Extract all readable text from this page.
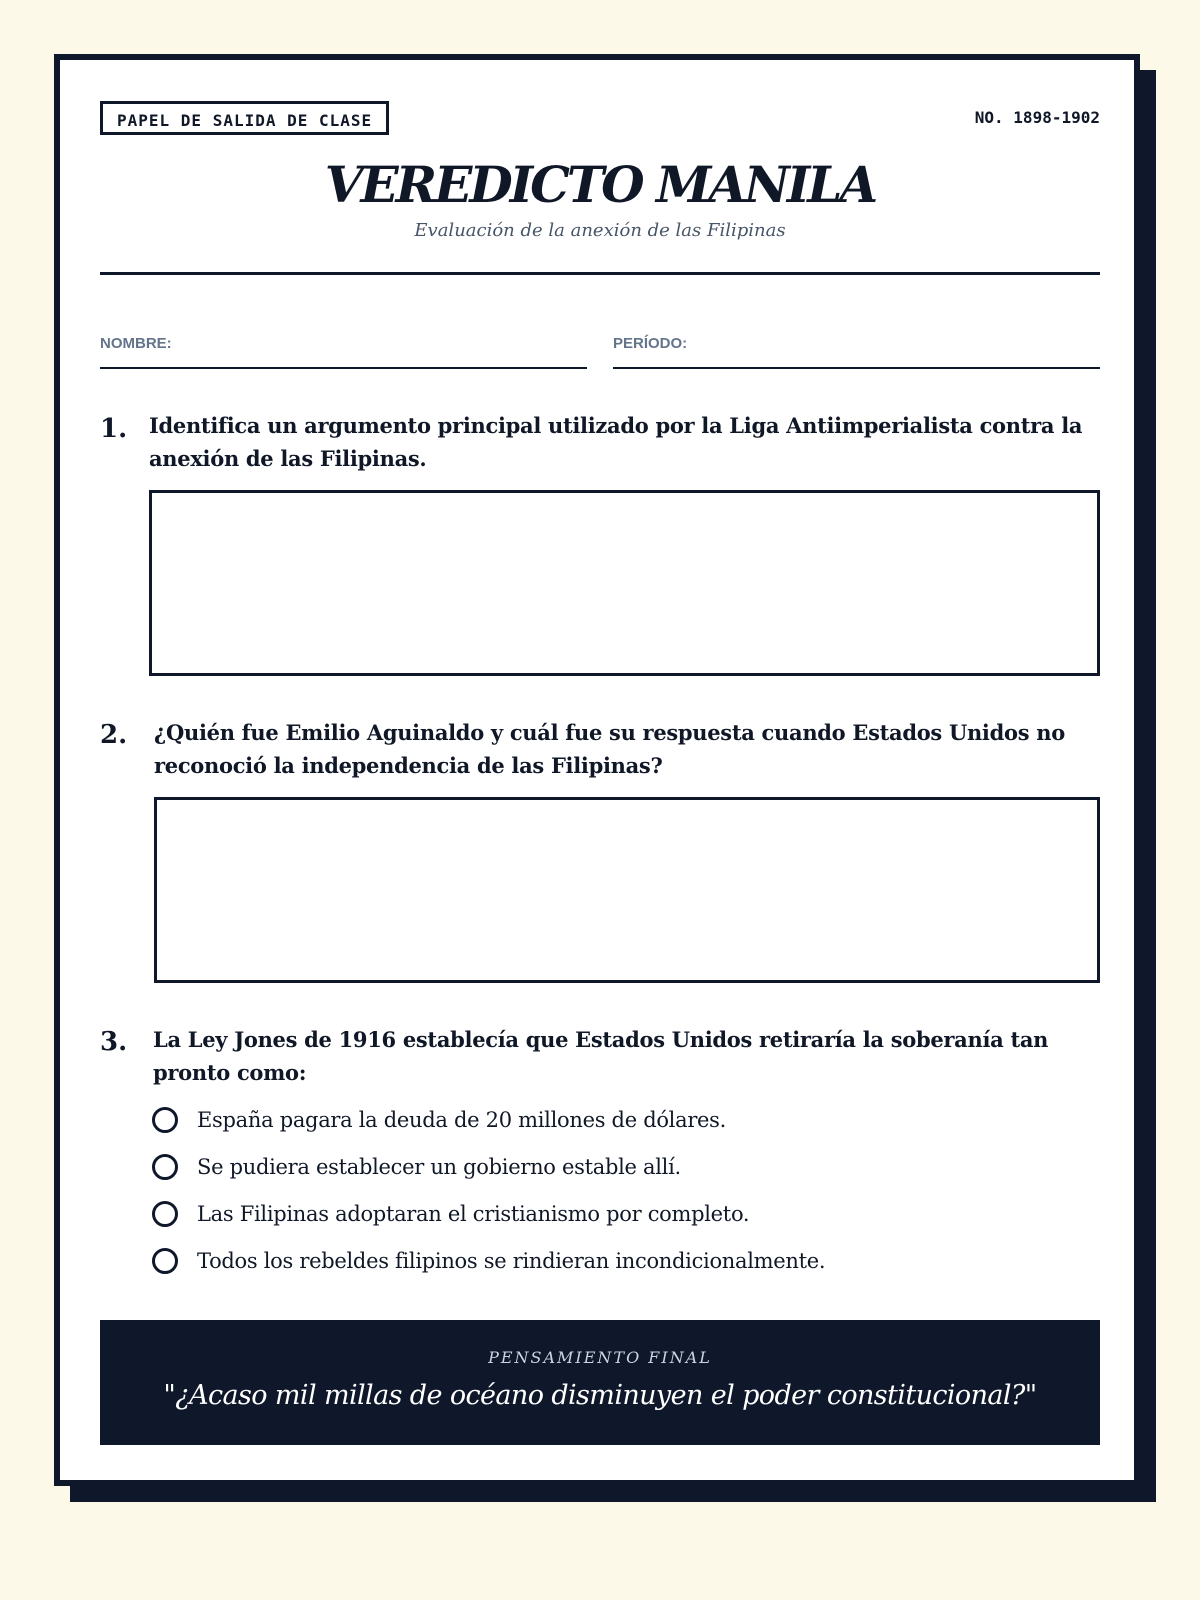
PAPEL DE SALIDA DE CLASE	NO. 1898-1902
VEREDICTO MANILA
Evaluación de la anexión de las Filipinas
NOMBRE:	PERÍODO:
1. Identifica un argumento principal utilizado por la Liga Antiimperialista contra la anexión de las Filipinas.
2. ¿Quién fue Emilio Aguinaldo y cuál fue su respuesta cuando Estados Unidos no reconoció la independencia de las Filipinas?
3. La Ley Jones de 1916 establecía que Estados Unidos retiraría la soberanía tan pronto como:
España pagara la deuda de 20 millones de dólares.
Se pudiera establecer un gobierno estable allí.
Las Filipinas adoptaran el cristianismo por completo.
Todos los rebeldes filipinos se rindieran incondicionalmente.
PENSAMIENTO FINAL
"¿Acaso mil millas de océano disminuyen el poder constitucional?"
